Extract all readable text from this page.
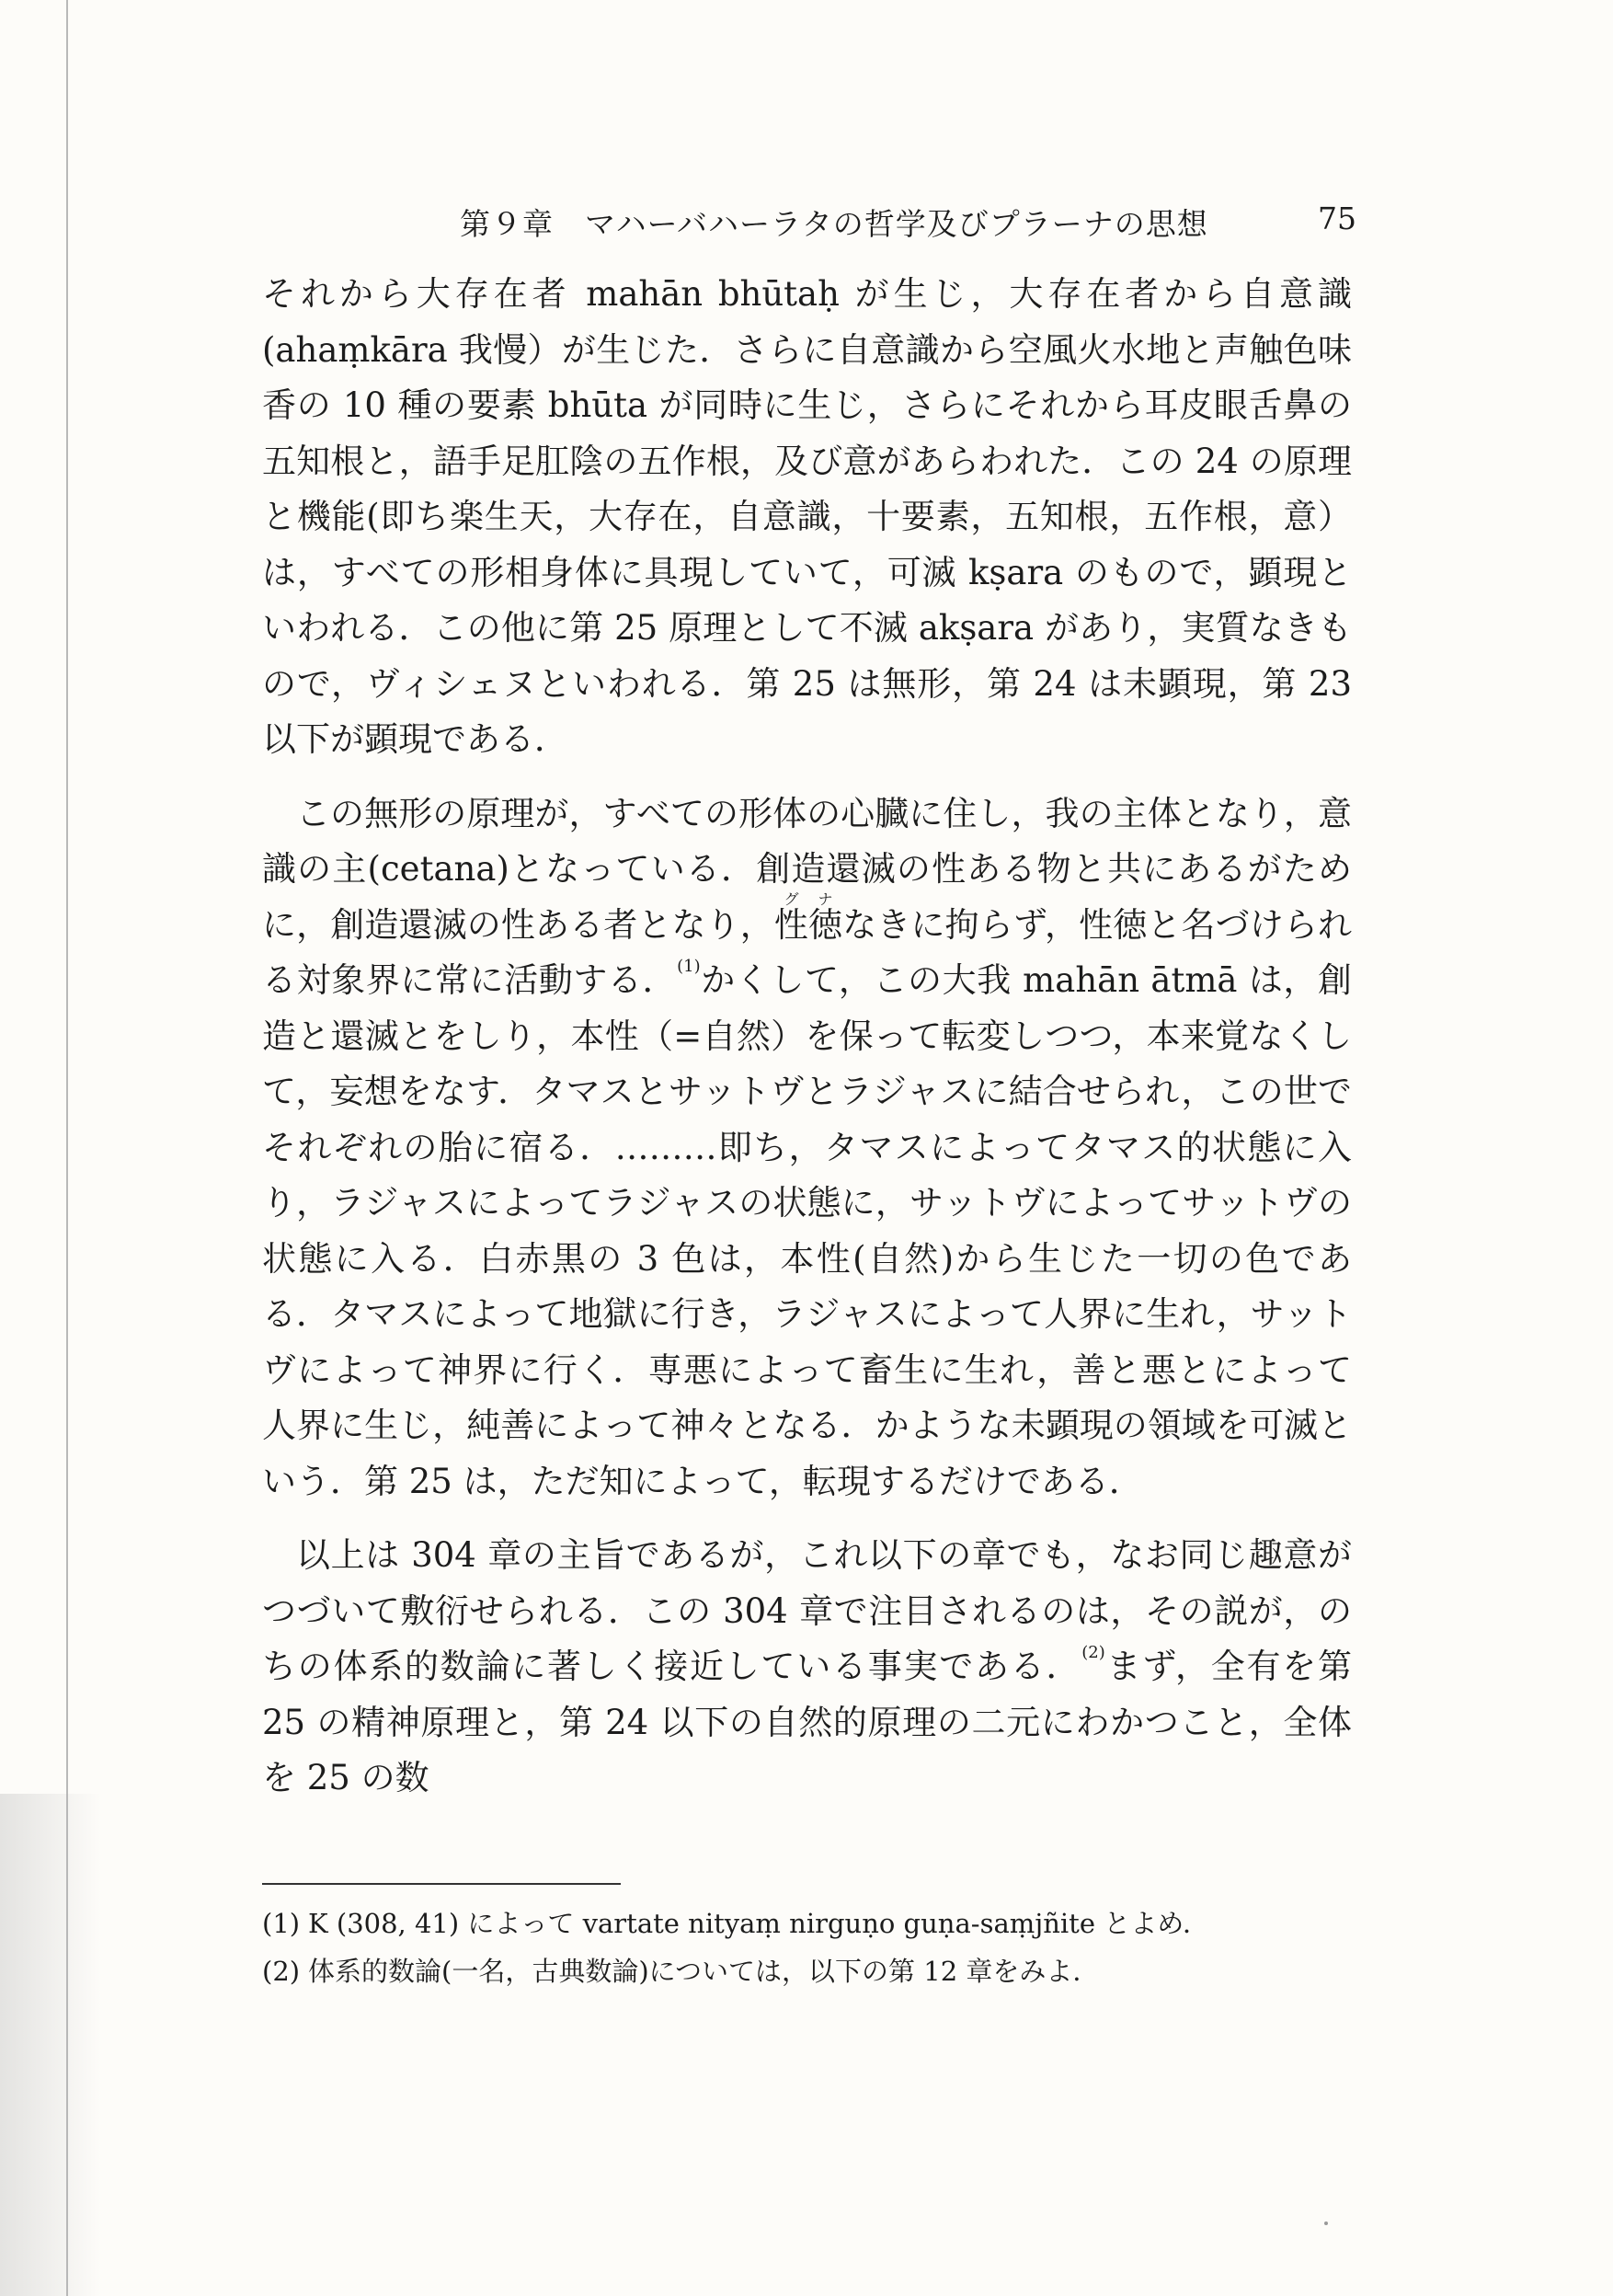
第９章　マハーバハーラタの哲学及びプラーナの思想	75

それから大存在者 mahān bhūtaḥ が生じ，大存在者から自意識(ahaṃkāra 我慢）が生じた．さらに自意識から空風火水地と声触色味香の 10 種の要素 bhūta が同時に生じ，さらにそれから耳皮眼舌鼻の五知根と，語手足肛陰の五作根，及び意があらわれた．この 24 の原理と機能(即ち楽生天，大存在，自意識，十要素，五知根，五作根，意）は，すべての形相身体に具現していて，可滅 kṣara のもので，顕現といわれる．この他に第 25 原理として不滅 akṣara があり，実質なきもので，ヴィシェヌといわれる．第 25 は無形，第 24 は未顕現，第 23 以下が顕現である．

この無形の原理が，すべての形体の心臓に住し，我の主体となり，意識の主(cetana)となっている．創造還滅の性ある物と共にあるがために，創造還滅の性ある者となり，性徳グナなきに拘らず，性徳と名づけられる対象界に常に活動する．$^{(1)}$かくして，この大我 mahān ātmā は，創造と還滅とをしり，本性（=自然）を保って転変しつつ，本来覚なくして，妄想をなす．タマスとサットヴとラジャスに結合せられ，この世でそれぞれの胎に宿る．………即ち，タマスによってタマス的状態に入り，ラジャスによってラジャスの状態に，サットヴによってサットヴの状態に入る．白赤黒の 3 色は，本性(自然)から生じた一切の色である．タマスによって地獄に行き，ラジャスによって人界に生れ，サットヴによって神界に行く．専悪によって畜生に生れ，善と悪とによって人界に生じ，純善によって神々となる．かような未顕現の領域を可滅という．第 25 は，ただ知によって，転現するだけである．

以上は 304 章の主旨であるが，これ以下の章でも，なお同じ趣意がつづいて敷衍せられる．この 304 章で注目されるのは，その説が，のちの体系的数論に著しく接近している事実である．$^{(2)}$まず，全有を第 25 の精神原理と，第 24 以下の自然的原理の二元にわかつこと，全体を 25 の数

(1) K (308, 41) によって vartate nityaṃ nirguṇo guṇa-saṃjñite とよめ．
(2) 体系的数論(一名，古典数論)については，以下の第 12 章をみよ．
